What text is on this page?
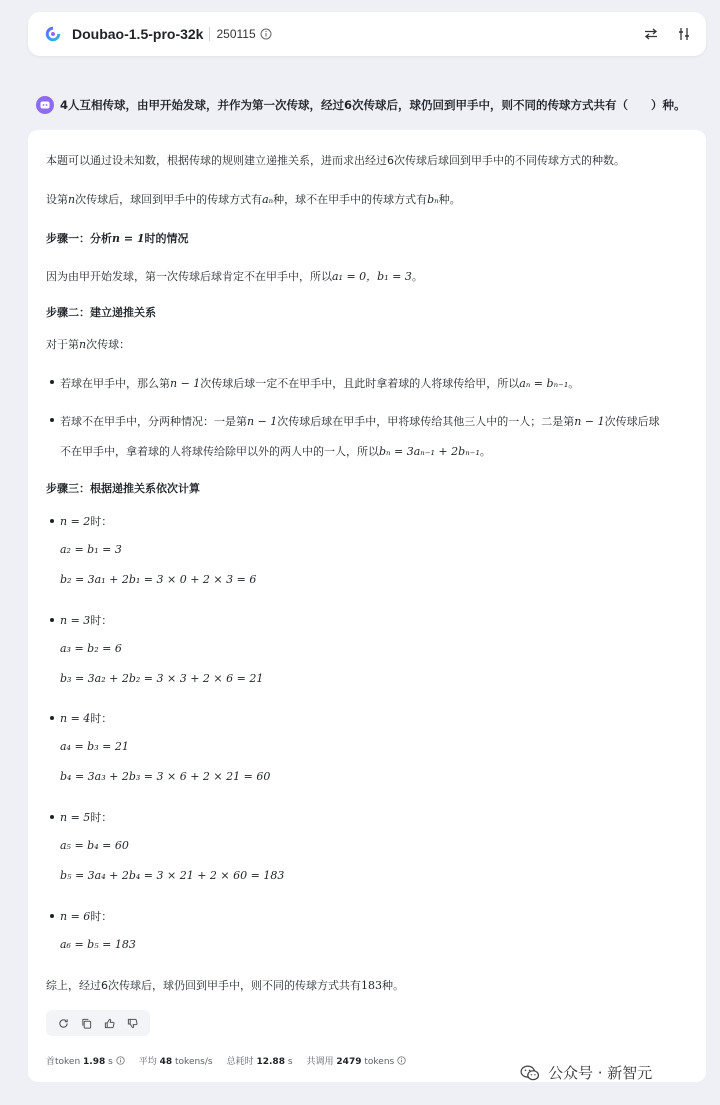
Doubao-1.5-pro-32k 250115
4人互相传球，由甲开始发球，并作为第一次传球，经过6次传球后，球仍回到甲手中，则不同的传球方式共有（　　）种。
本题可以通过设未知数，根据传球的规则建立递推关系，进而求出经过6次传球后球回到甲手中的不同传球方式的种数。
设第n次传球后，球回到甲手中的传球方式有aₙ种，球不在甲手中的传球方式有bₙ种。
步骤一：分析n = 1时的情况
因为由甲开始发球，第一次传球后球肯定不在甲手中，所以a₁ = 0，b₁ = 3。
步骤二：建立递推关系
对于第n次传球：
若球在甲手中，那么第n − 1次传球后球一定不在甲手中，且此时拿着球的人将球传给甲，所以aₙ = bₙ₋₁。
若球不在甲手中，分两种情况：一是第n − 1次传球后球在甲手中，甲将球传给其他三人中的一人；二是第n − 1次传球后球
不在甲手中，拿着球的人将球传给除甲以外的两人中的一人，所以bₙ = 3aₙ₋₁ + 2bₙ₋₁。
步骤三：根据递推关系依次计算
n = 2时：
a₂ = b₁ = 3
b₂ = 3a₁ + 2b₁ = 3 × 0 + 2 × 3 = 6
n = 3时：
a₃ = b₂ = 6
b₃ = 3a₂ + 2b₂ = 3 × 3 + 2 × 6 = 21
n = 4时：
a₄ = b₃ = 21
b₄ = 3a₃ + 2b₃ = 3 × 6 + 2 × 21 = 60
n = 5时：
a₅ = b₄ = 60
b₅ = 3a₄ + 2b₄ = 3 × 21 + 2 × 60 = 183
n = 6时：
a₆ = b₅ = 183
综上，经过6次传球后，球仍回到甲手中，则不同的传球方式共有183种。
首token 1.98 s	平均 48 tokens/s 总耗时 12.88 s 共调用 2479 tokens
公众号 · 新智元
